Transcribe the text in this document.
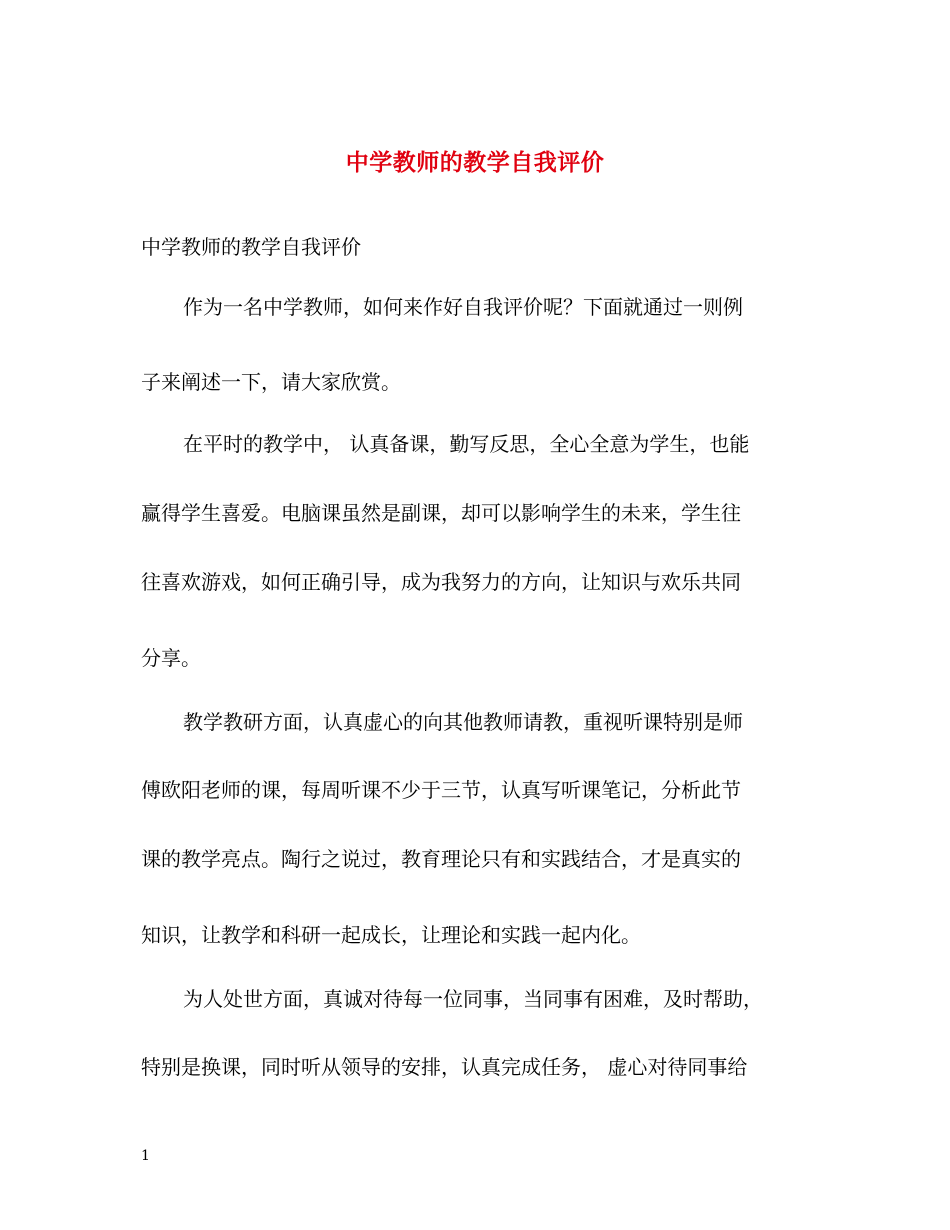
中学教师的教学自我评价
中学教师的教学自我评价
作为一名中学教师，如何来作好自我评价呢？下面就通过一则例
子来阐述一下，请大家欣赏。
在平时的教学中， 认真备课，勤写反思，全心全意为学生，也能
赢得学生喜爱。电脑课虽然是副课，却可以影响学生的未来，学生往
往喜欢游戏，如何正确引导，成为我努力的方向，让知识与欢乐共同
分享。
教学教研方面，认真虚心的向其他教师请教，重视听课特别是师
傅欧阳老师的课，每周听课不少于三节，认真写听课笔记，分析此节
课的教学亮点。陶行之说过，教育理论只有和实践结合，才是真实的
知识，让教学和科研一起成长，让理论和实践一起内化。
为人处世方面，真诚对待每一位同事，当同事有困难，及时帮助，
特别是换课，同时听从领导的安排，认真完成任务， 虚心对待同事给
1
